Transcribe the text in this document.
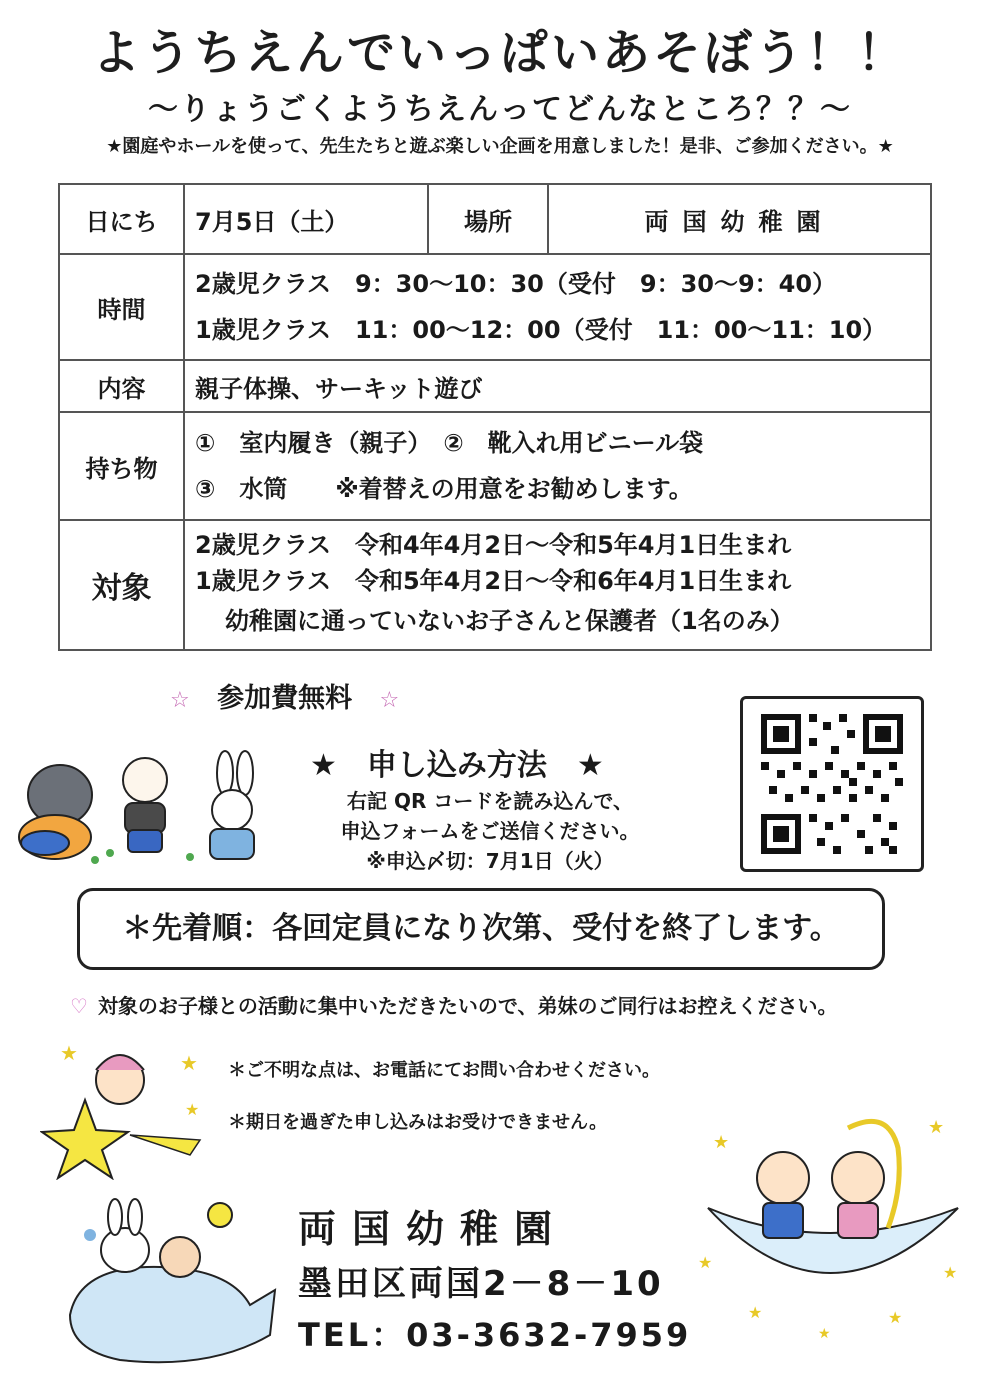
ようちえんでいっぱいあそぼう！！
～りょうごくようちえんってどんなところ？？～
★園庭やホールを使って、先生たちと遊ぶ楽しい企画を用意しました！是非、ご参加ください。★
日にち	7月5日（土）	場所	両国幼稚園
時間	2歳児クラス　9：30～10：30（受付　9：30～9：40）
1歳児クラス　11：00～12：00（受付　11：00～11：10）		

内容	親子体操、サーキット遊び		
持ち物	①　室内履き（親子）　②　靴入れ用ビニール袋
③　水筒　　※着替えの用意をお勧めします。		

対象	2歳児クラス　令和4年4月2日～令和5年4月1日生まれ
1歳児クラス　令和5年4月2日～令和6年4月1日生まれ
幼稚園に通っていないお子さんと保護者（1名のみ）		
☆ 参加費無料 ☆
★　申し込み方法　★
右記 QR コードを読み込んで、
申込フォームをご送信ください。
※申込〆切：7月1日（火）
＊先着順：各回定員になり次第、受付を終了します。
♡ 対象のお子様との活動に集中いただきたいので、弟妹のご同行はお控えください。
★	★
★
＊ご不明な点は、お電話にてお問い合わせください。
＊期日を過ぎた申し込みはお受けできません。
両国幼稚園
墨田区両国2－8－10
TEL：03-3632-7959
★
★
★
★
★	★
★
